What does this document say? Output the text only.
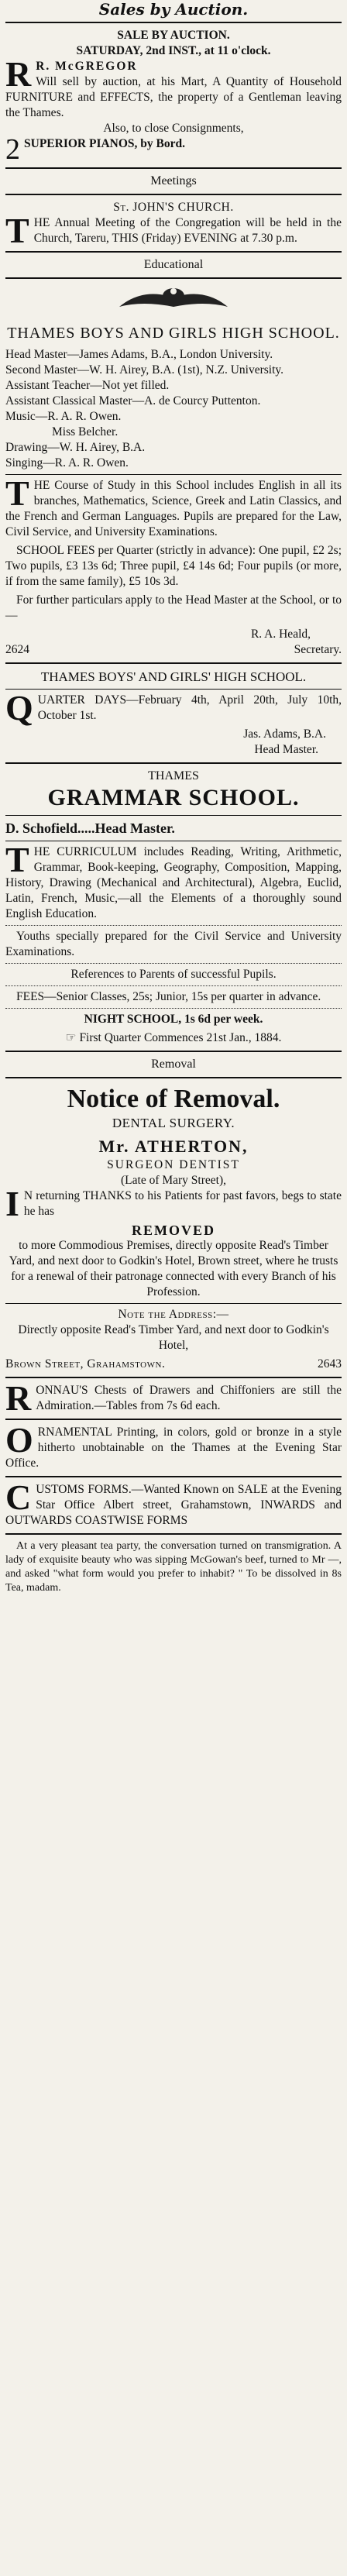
Sales by Auction.
SALE BY AUCTION.
SATURDAY, 2nd INST., at 11 o'clock.
R R. McGREGOR
Will sell by auction, at his Mart, A Quantity of Household FURNITURE and EFFECTS, the property of a Gentleman leaving the Thames.
Also, to close Consignments,
2 SUPERIOR PIANOS, by Bord.
Meetings
St. JOHN'S CHURCH.
T HE Annual Meeting of the Congregation will be held in the Church, Tareru, THIS (Friday) EVENING at 7.30 p.m.
Educational
THAMES BOYS AND GIRLS HIGH SCHOOL.
Head Master—James Adams, B.A., London University.
Second Master—W. H. Airey, B.A. (1st), N.Z. University.
Assistant Teacher—Not yet filled.
Assistant Classical Master—A. de Courcy Puttenton.
Music—R. A. R. Owen.
Miss Belcher.
Drawing—W. H. Airey, B.A.
Singing—R. A. R. Owen.
T HE Course of Study in this School includes English in all its branches, Mathematics, Science, Greek and Latin Classics, and the French and German Languages. Pupils are prepared for the Law, Civil Service, and University Examinations.
SCHOOL FEES per Quarter (strictly in advance): One pupil, £2 2s; Two pupils, £3 13s 6d; Three pupil, £4 14s 6d; Four pupils (or more, if from the same family), £5 10s 3d.
For further particulars apply to the Head Master at the School, or to—
R. A. Heald,
2624	Secretary.
THAMES BOYS' AND GIRLS' HIGH SCHOOL.
Q UARTER DAYS—February 4th, April 20th, July 10th, October 1st.
Jas. Adams, B.A.
Head Master.
THAMES
GRAMMAR SCHOOL.
D. Schofield.....Head Master.
T HE CURRICULUM includes Reading, Writing, Arithmetic, Grammar, Book-keeping, Geography, Composition, Mapping, History, Drawing (Mechanical and Architectural), Algebra, Euclid, Latin, French, Music,—all the Elements of a thoroughly sound English Education.
Youths specially prepared for the Civil Service and University Examinations.
References to Parents of successful Pupils.
FEES—Senior Classes, 25s; Junior, 15s per quarter in advance.
NIGHT SCHOOL, 1s 6d per week.
☞ First Quarter Commences 21st Jan., 1884.
Removal
Notice of Removal.
DENTAL SURGERY.
Mr. ATHERTON,
SURGEON DENTIST
(Late of Mary Street),
I N returning THANKS to his Patients for past favors, begs to state he has
REMOVED
to more Commodious Premises, directly opposite Read's Timber Yard, and next door to Godkin's Hotel, Brown street, where he trusts for a renewal of their patronage connected with every Branch of his Profession.
Note the Address:—
Directly opposite Read's Timber Yard, and next door to Godkin's Hotel,
Brown Street, Grahamstown.	2643
R ONNAU'S Chests of Drawers and Chiffoniers are still the Admiration.—Tables from 7s 6d each.
O RNAMENTAL Printing, in colors, gold or bronze in a style hitherto unobtainable on the Thames at the Evening Star Office.
C USTOMS FORMS.—Wanted Known on SALE at the Evening Star Office Albert street, Grahamstown, INWARDS and OUTWARDS COASTWISE FORMS
At a very pleasant tea party, the conversation turned on transmigration. A lady of exquisite beauty who was sipping McGowan's beef, turned to Mr —, and asked "what form would you prefer to inhabit? " To be dissolved in 8s Tea, madam.
